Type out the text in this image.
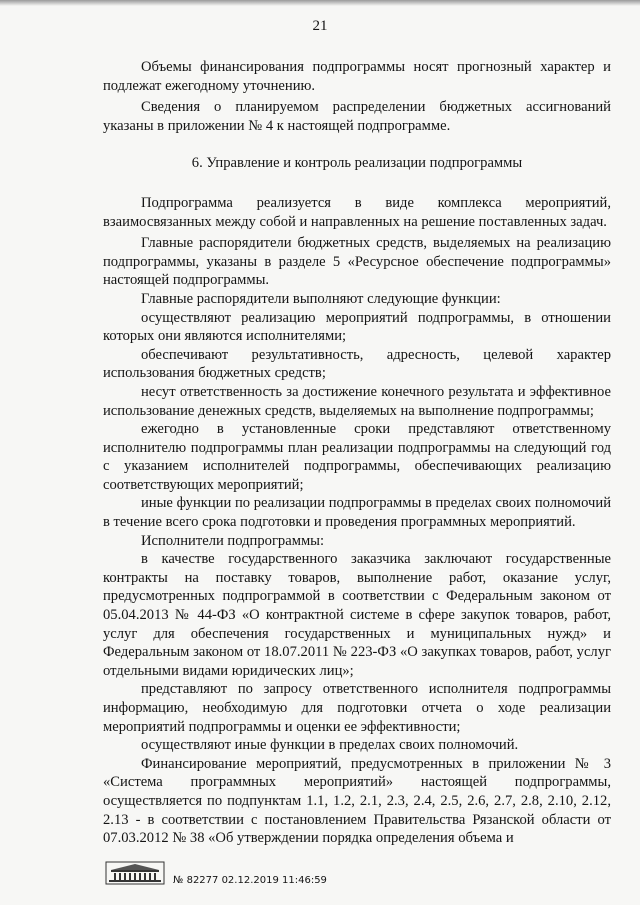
21

Объемы финансирования подпрограммы носят прогнозный характер и подлежат ежегодному уточнению.

Сведения о планируемом распределении бюджетных ассигнований указаны в приложении № 4 к настоящей подпрограмме.

6. Управление и контроль реализации подпрограммы

Подпрограмма реализуется в виде комплекса мероприятий, взаимосвязанных между собой и направленных на решение поставленных задач.

Главные распорядители бюджетных средств, выделяемых на реализацию подпрограммы, указаны в разделе 5 «Ресурсное обеспечение подпрограммы» настоящей подпрограммы.

Главные распорядители выполняют следующие функции:

осуществляют реализацию мероприятий подпрограммы, в отношении которых они являются исполнителями;

обеспечивают результативность, адресность, целевой характер использования бюджетных средств;

несут ответственность за достижение конечного результата и эффективное использование денежных средств, выделяемых на выполнение подпрограммы;

ежегодно в установленные сроки представляют ответственному исполнителю подпрограммы план реализации подпрограммы на следующий год с указанием исполнителей подпрограммы, обеспечивающих реализацию соответствующих мероприятий;

иные функции по реализации подпрограммы в пределах своих полномочий в течение всего срока подготовки и проведения программных мероприятий.

Исполнители подпрограммы:

в качестве государственного заказчика заключают государственные контракты на поставку товаров, выполнение работ, оказание услуг, предусмотренных подпрограммой в соответствии с Федеральным законом от 05.04.2013 № 44-ФЗ «О контрактной системе в сфере закупок товаров, работ, услуг для обеспечения государственных и муниципальных нужд» и Федеральным законом от 18.07.2011 № 223-ФЗ «О закупках товаров, работ, услуг отдельными видами юридических лиц»;

представляют по запросу ответственного исполнителя подпрограммы информацию, необходимую для подготовки отчета о ходе реализации мероприятий подпрограммы и оценки ее эффективности;

осуществляют иные функции в пределах своих полномочий.

Финансирование мероприятий, предусмотренных в приложении № 3 «Система программных мероприятий» настоящей подпрограммы, осуществляется по подпунктам 1.1, 1.2, 2.1, 2.3, 2.4, 2.5, 2.6, 2.7, 2.8, 2.10, 2.12, 2.13 - в соответствии с постановлением Правительства Рязанской области от 07.03.2012 № 38 «Об утверждении порядка определения объема и

№ 82277 02.12.2019 11:46:59
